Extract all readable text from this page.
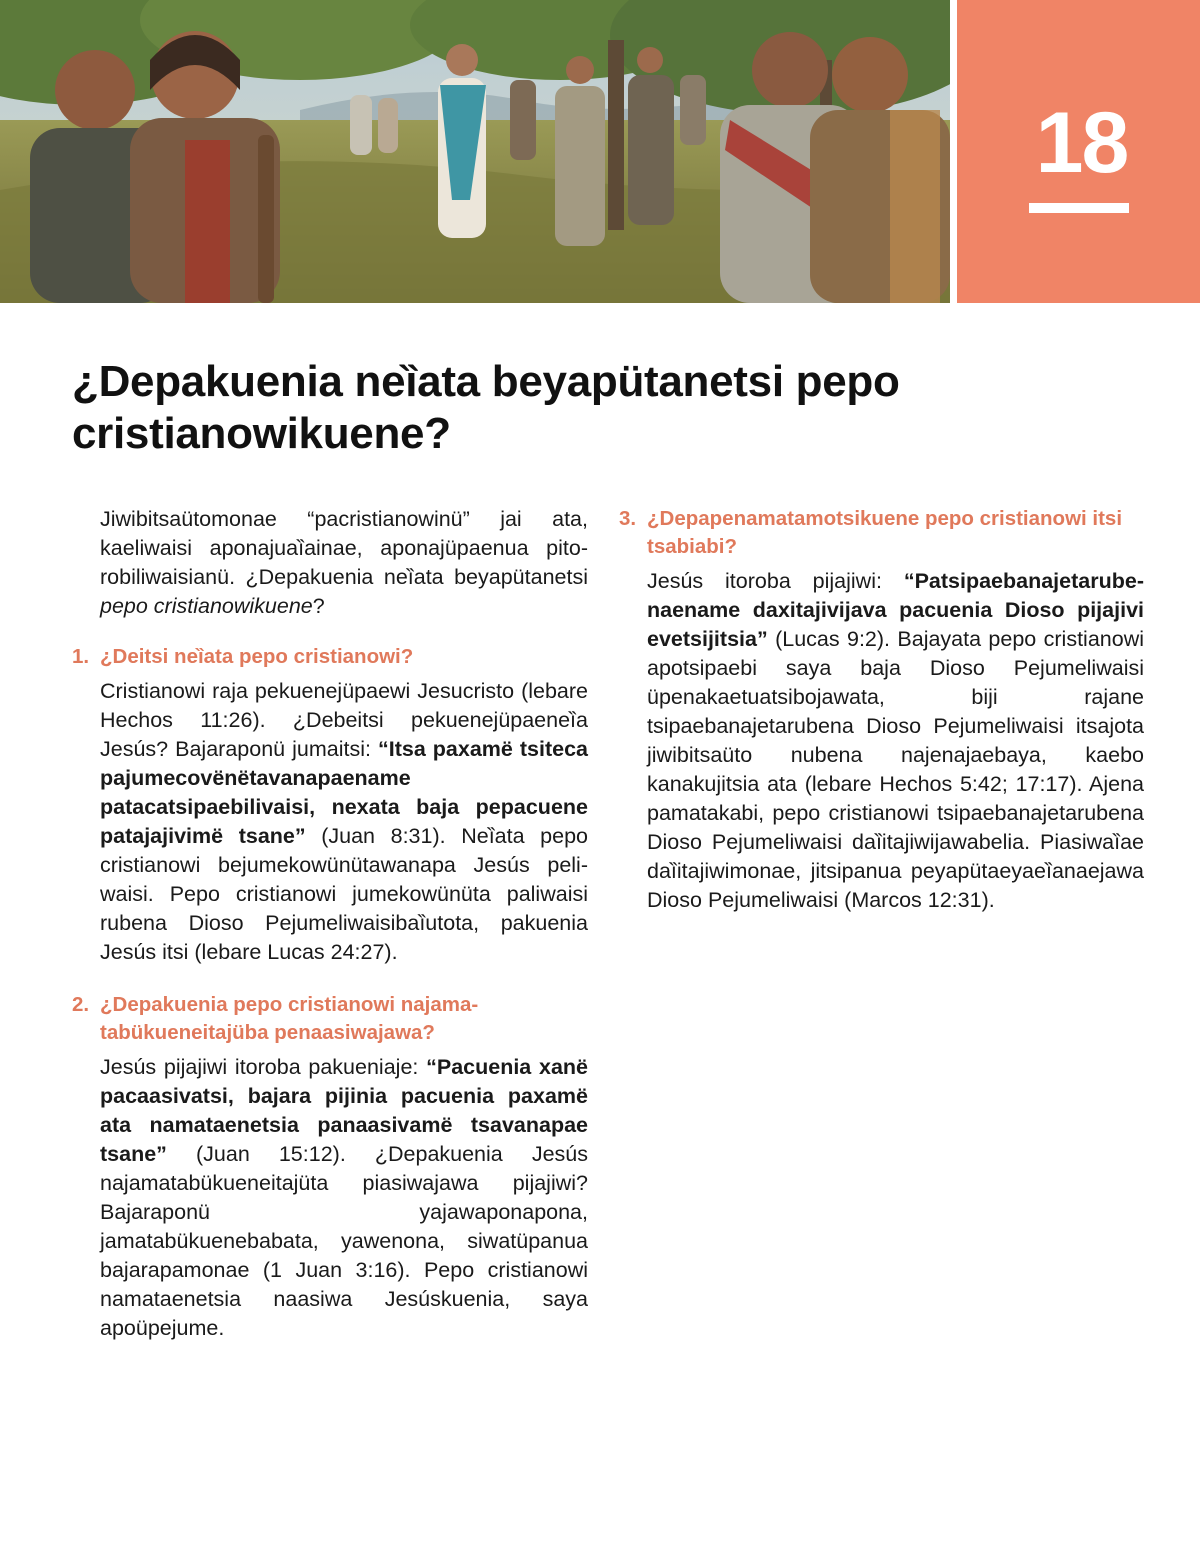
18
¿Depakuenia neȉata beyapütanetsi pepo cristianowikuene?

Jiwibitsaütomonae “pacristianowinü” jai ata, kaeliwaisi aponajuaȉainae, aponajüpaenua pitorobiliwaisianü. ¿Depakuenia neȉata beyapütanetsi pepo cristianowikuene?

1. ¿Deitsi neȉata pepo cristianowi?

Cristianowi raja pekuenejüpaewi Jesucristo (lebare Hechos 11:26). ¿Debeitsi pekuenejüpaeneȉa Jesús? Bajaraponü jumaitsi: “Itsa paxamë tsiteca pajumecovënëtavanapaename patacatsipaebilivaisi, nexata baja pepacuene patajajivimë tsane” (Juan 8:31). Neȉata pepo cristianowi bejumekowünütawanapa Jesús peliwaisi. Pepo cristianowi jumekowünüta paliwaisi rubena Dioso Pejumeliwaisibaȉutota, pakuenia Jesús itsi (lebare Lucas 24:27).

2. ¿Depakuenia pepo cristianowi najamatabükueneitajüba penaasiwajawa?

Jesús pijajiwi itoroba pakueniaje: “Pacuenia xanë pacaasivatsi, bajara pijinia pacuenia paxamë ata namataenetsia panaasivamë tsavanapae tsane” (Juan 15:12). ¿Depakuenia Jesús najamatabükueneitajüta piasiwajawa pijajiwi? Bajaraponü yajawaponapona, jamatabükuenebabata, yawenona, siwatüpanua bajarapamonae (1 Juan 3:16). Pepo cristianowi namataenetsia naasiwa Jesúskuenia, saya apoüpejume.

3. ¿Depapenamatamotsikuene pepo cristianowi itsi tsabiabi?

Jesús itoroba pijajiwi: “Patsipaebanajetarubenaename daxitajivijava pacuenia Dioso pijajivi evetsijitsia” (Lucas 9:2). Bajayata pepo cristianowi apotsipaebi saya baja Dioso Pejumeliwaisi üpenakaetuatsibojawata, biji rajane tsipaebanajetarubena Dioso Pejumeliwaisi itsajota jiwibitsaüto nubena najenajaebaya, kaebo kanakujitsia ata (lebare Hechos 5:42; 17:17). Ajena pamatakabi, pepo cristianowi tsipaebanajetarubena Dioso Pejumeliwaisi daȉitajiwijawabelia. Piasiwaȉae daȉitajiwimonae, jitsipanua peyapütaeyaeȉanaejawa Dioso Pejumeliwaisi (Marcos 12:31).
